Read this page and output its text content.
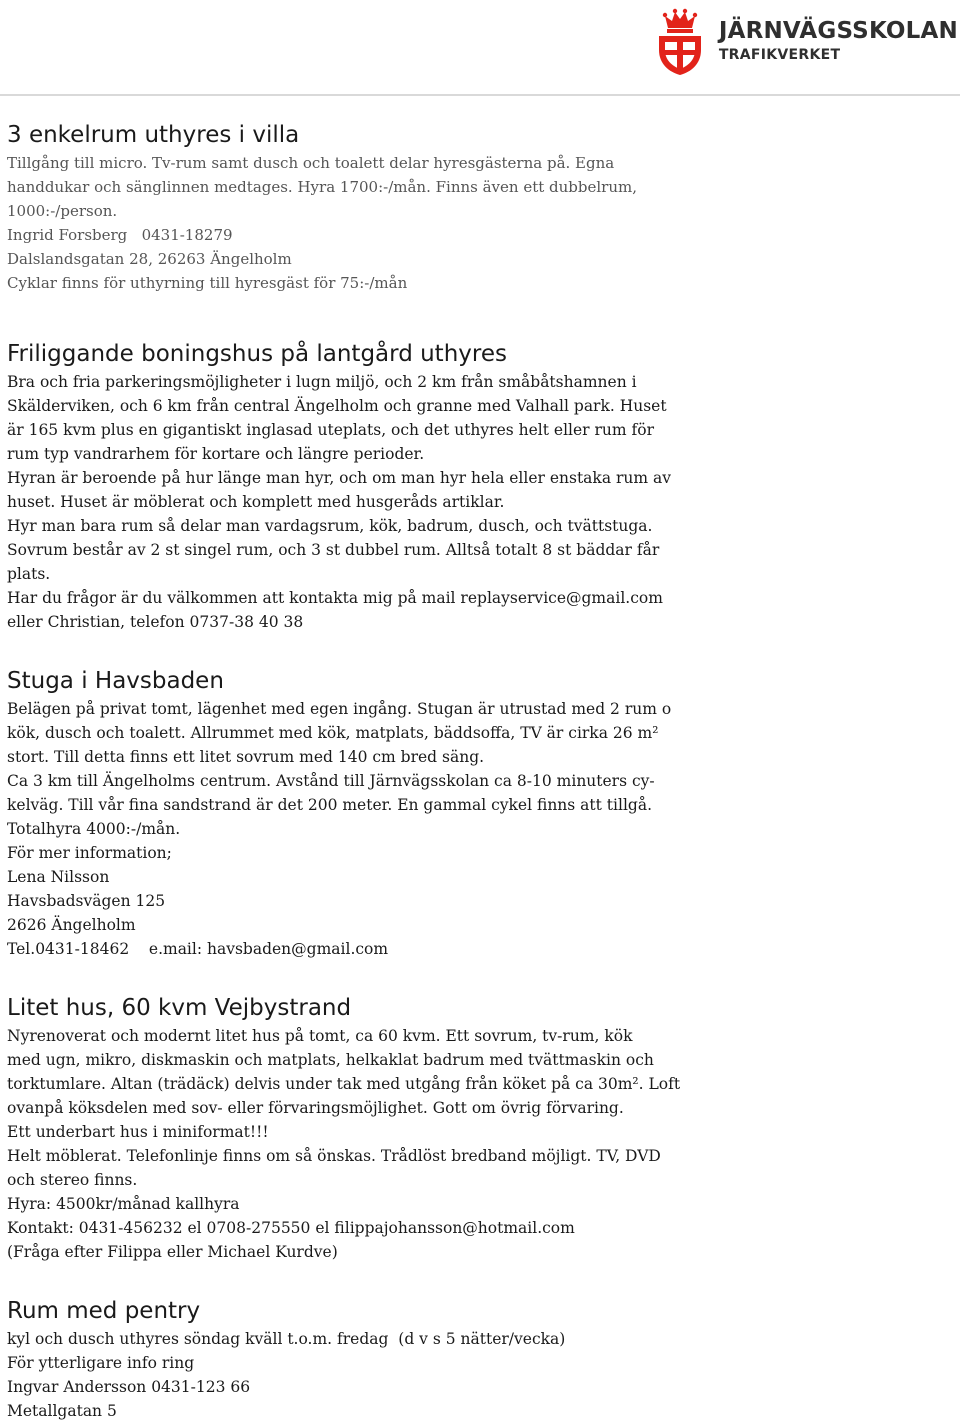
JÄRNVÄGSSKOLAN
TRAFIKVERKET
3 enkelrum uthyres i villa

Tillgång till micro. Tv-rum samt dusch och toalett delar hyresgästerna på. Egna

handdukar och sänglinnen medtages. Hyra 1700:-/mån. Finns även ett dubbelrum,

1000:-/person.

Ingrid Forsberg   0431-18279

Dalslandsgatan 28, 26263 Ängelholm

Cyklar finns för uthyrning till hyresgäst för 75:-/mån

Friliggande boningshus på lantgård uthyres

Bra och fria parkeringsmöjligheter i lugn miljö, och 2 km från småbåtshamnen i

Skälderviken, och 6 km från central Ängelholm och granne med Valhall park. Huset

är 165 kvm plus en gigantiskt inglasad uteplats, och det uthyres helt eller rum för

rum typ vandrarhem för kortare och längre perioder.

Hyran är beroende på hur länge man hyr, och om man hyr hela eller enstaka rum av

huset. Huset är möblerat och komplett med husgeråds artiklar.

Hyr man bara rum så delar man vardagsrum, kök, badrum, dusch, och tvättstuga.

Sovrum består av 2 st singel rum, och 3 st dubbel rum. Alltså totalt 8 st bäddar får

plats.

Har du frågor är du välkommen att kontakta mig på mail replayservice@gmail.com

eller Christian, telefon 0737-38 40 38

Stuga i Havsbaden

Belägen på privat tomt, lägenhet med egen ingång. Stugan är utrustad med 2 rum o

kök, dusch och toalett. Allrummet med kök, matplats, bäddsoffa, TV är cirka 26 m²

stort. Till detta finns ett litet sovrum med 140 cm bred säng.

Ca 3 km till Ängelholms centrum. Avstånd till Järnvägsskolan ca 8-10 minuters cy-

kelväg. Till vår fina sandstrand är det 200 meter. En gammal cykel finns att tillgå.

Totalhyra 4000:-/mån.

För mer information;

Lena Nilsson

Havsbadsvägen 125

2626 Ängelholm

Tel.0431-18462    e.mail: havsbaden@gmail.com

Litet hus, 60 kvm Vejbystrand

Nyrenoverat och modernt litet hus på tomt, ca 60 kvm. Ett sovrum, tv-rum, kök

med ugn, mikro, diskmaskin och matplats, helkaklat badrum med tvättmaskin och

torktumlare. Altan (trädäck) delvis under tak med utgång från köket på ca 30m². Loft

ovanpå köksdelen med sov- eller förvaringsmöjlighet. Gott om övrig förvaring.

Ett underbart hus i miniformat!!!

Helt möblerat. Telefonlinje finns om så önskas. Trådlöst bredband möjligt. TV, DVD

och stereo finns.

Hyra: 4500kr/månad kallhyra

Kontakt: 0431-456232 el 0708-275550 el filippajohansson@hotmail.com

(Fråga efter Filippa eller Michael Kurdve)

Rum med pentry

kyl och dusch uthyres söndag kväll t.o.m. fredag  (d v s 5 nätter/vecka)

För ytterligare info ring

Ingvar Andersson 0431-123 66

Metallgatan 5
